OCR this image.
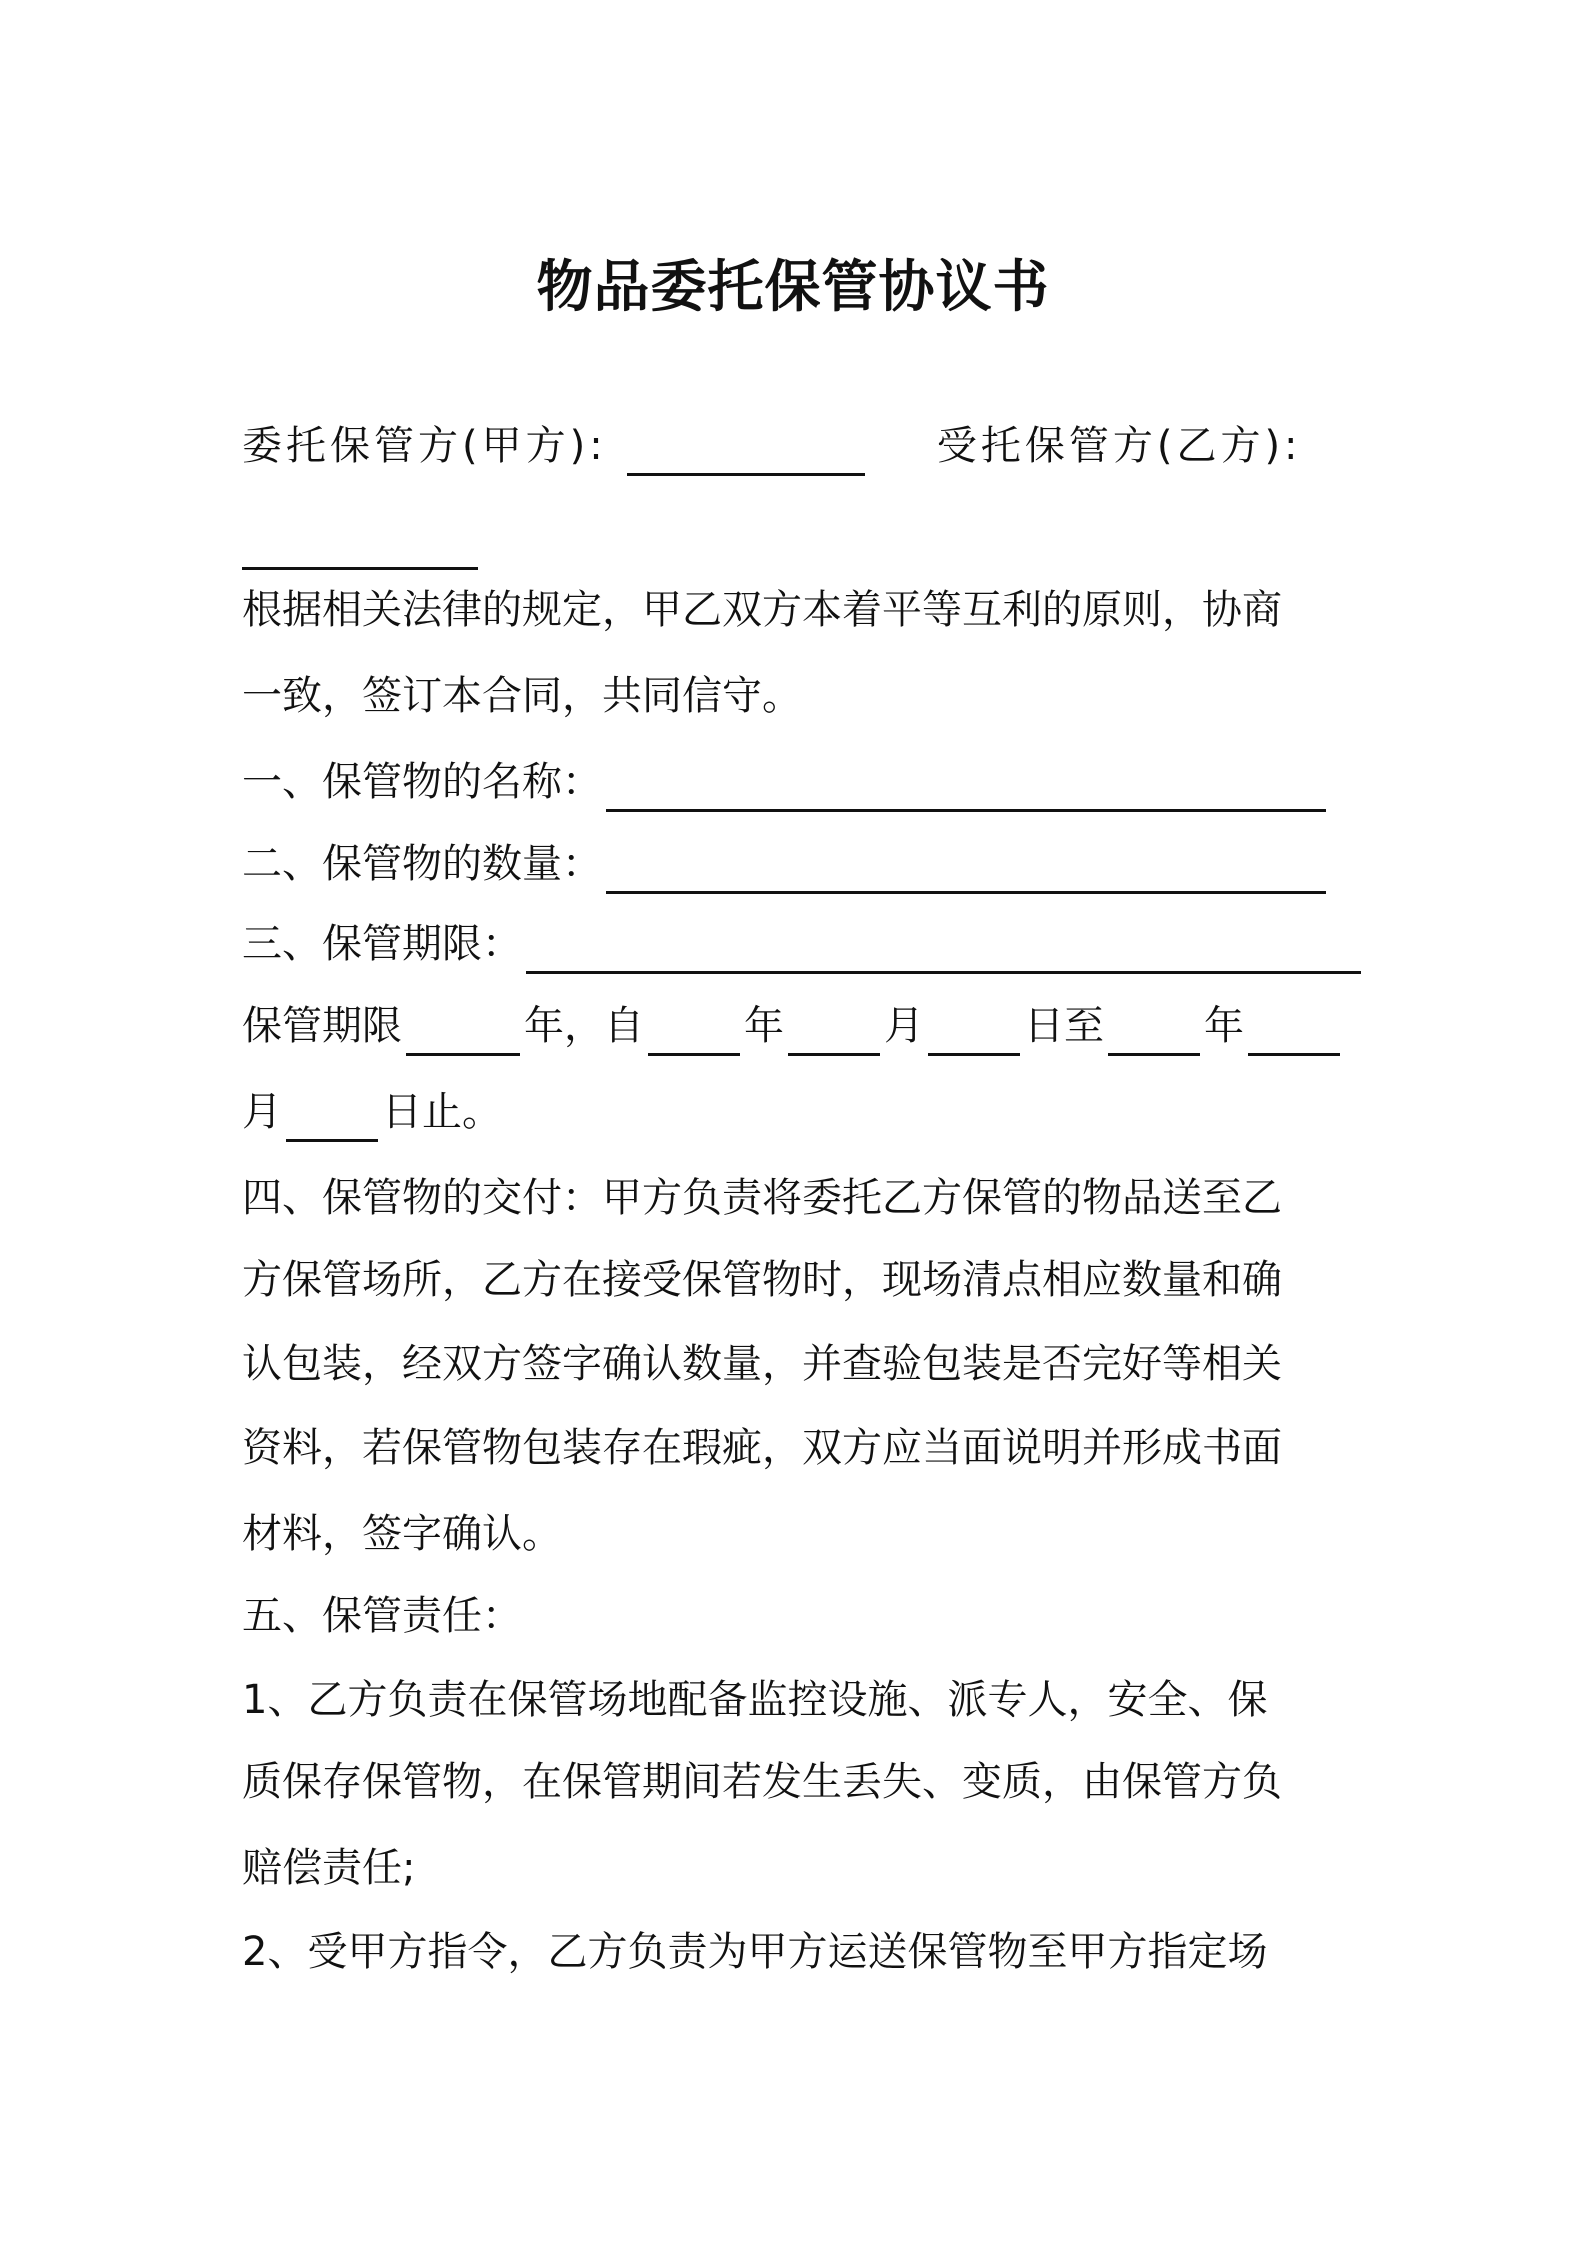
物品委托保管协议书
委托保管方(甲方):	受托保管方(乙方):
根据相关法律的规定，甲乙双方本着平等互利的原则，协商
一致，签订本合同，共同信守。
一、保管物的名称：
二、保管物的数量：
三、保管期限：
保管期限	年，自	年	月	日至	年
月	日止。
四、保管物的交付：甲方负责将委托乙方保管的物品送至乙
方保管场所，乙方在接受保管物时，现场清点相应数量和确
认包装，经双方签字确认数量，并查验包装是否完好等相关
资料，若保管物包装存在瑕疵，双方应当面说明并形成书面
材料，签字确认。
五、保管责任：
1、乙方负责在保管场地配备监控设施、派专人，安全、保
质保存保管物，在保管期间若发生丢失、变质，由保管方负
赔偿责任;
2、受甲方指令，乙方负责为甲方运送保管物至甲方指定场
